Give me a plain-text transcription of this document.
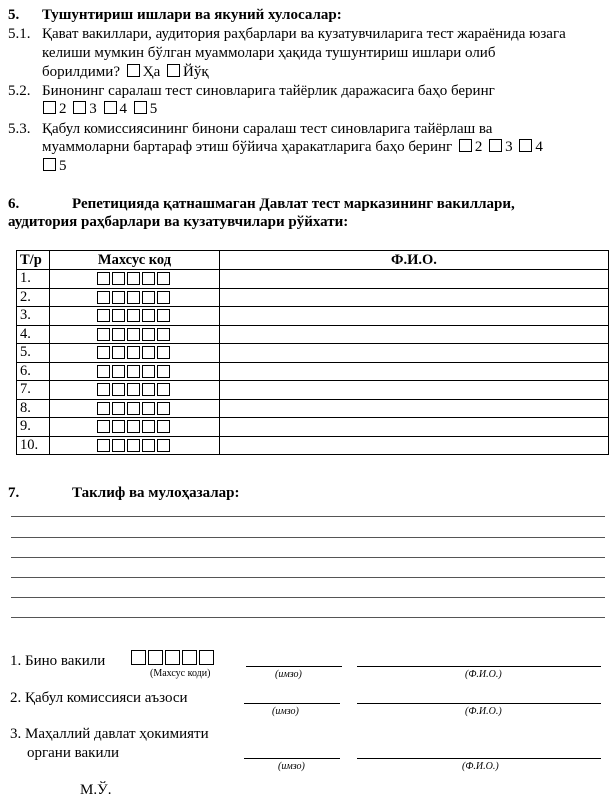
5. Тушунтириш ишлари ва якуний хулосалар:
5.1. Қават вакиллари, аудитория раҳбарлари ва кузатувчиларига тест жараёнида юзага
келиши мумкин бўлган муаммолари ҳақида тушунтириш ишлари олиб
борилдими? Ҳа Йўқ
5.2. Бинонинг саралаш тест синовларига тайёрлик даражасига баҳо беринг
2 3 4 5
5.3. Қабул комиссиясининг бинони саралаш тест синовларига тайёрлаш ва
муаммоларни бартараф этиш бўйича ҳаракатларига баҳо беринг 2 3 4
5
6.	Репетицияда қатнашмаган Давлат тест марказининг вакиллари,
аудитория раҳбарлари ва кузатувчилари рўйхати:
Т/р	Махсус код	Ф.И.О.
1.		
2.		
3.		
4.		
5.		
6.		
7.		
8.		
9.		
10.		
7.	Таклиф ва мулоҳазалар:
1. Бино вакили
(Махсус коди)	(имзо)	(Ф.И.О.)
2. Қабул комиссияси аъзоси
(имзо)	(Ф.И.О.)
3. Маҳаллий давлат ҳокимияти
органи вакили
(имзо)	(Ф.И.О.)
М.Ў.
